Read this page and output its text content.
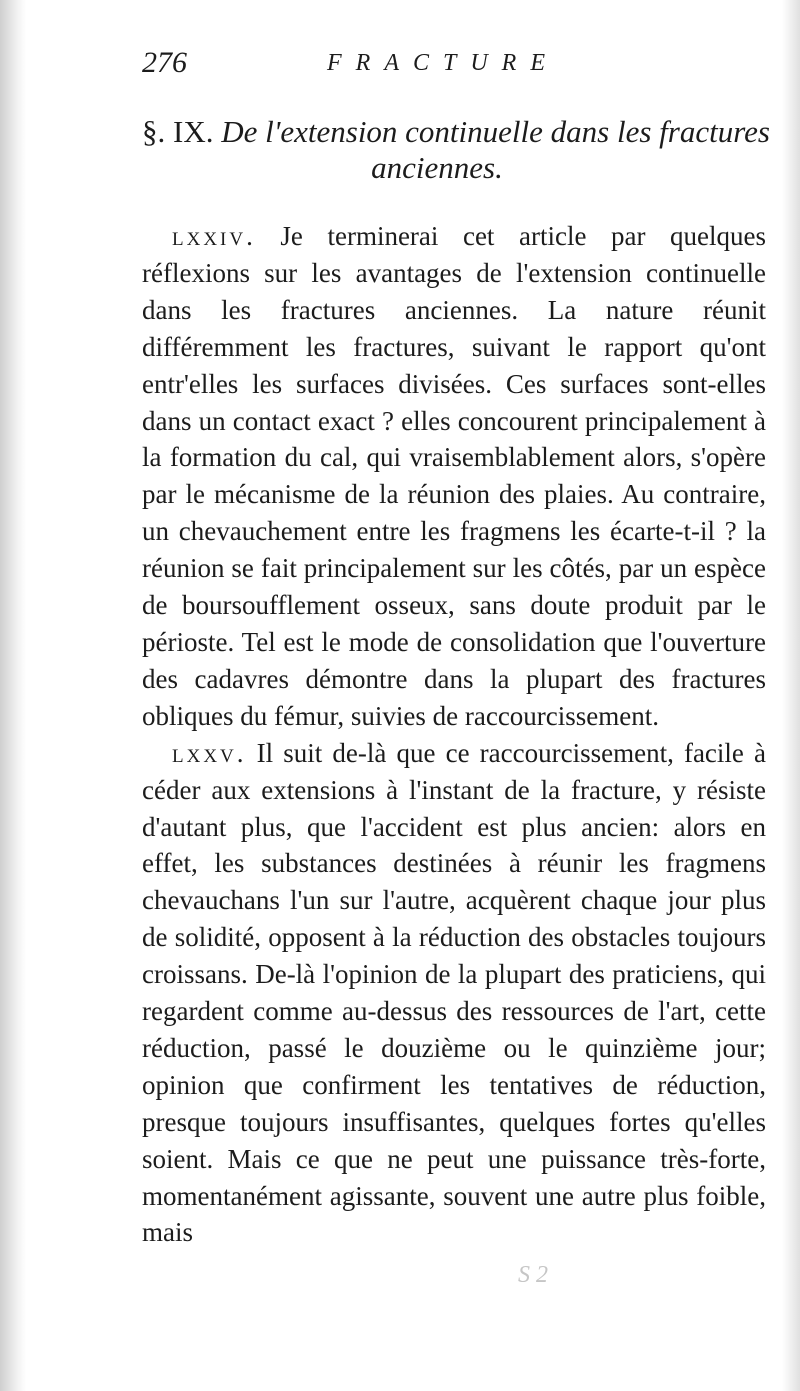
276	FRACTURE
§. IX. De l'extension continuelle dans les fractures
anciennes.

lxxiv. Je terminerai cet article par quelques réflexions sur les avantages de l'extension continuelle dans les fractures anciennes. La nature réunit différemment les fractures, suivant le rapport qu'ont entr'elles les surfaces divisées. Ces surfaces sont-elles dans un contact exact ? elles concourent principalement à la formation du cal, qui vraisemblablement alors, s'opère par le mécanisme de la réunion des plaies. Au contraire, un chevauchement entre les fragmens les écarte-t-il ? la réunion se fait principalement sur les côtés, par un espèce de boursoufflement osseux, sans doute produit par le périoste. Tel est le mode de consolidation que l'ouverture des cadavres démontre dans la plupart des fractures obliques du fémur, suivies de raccourcissement.

lxxv. Il suit de-là que ce raccourcissement, facile à céder aux extensions à l'instant de la fracture, y résiste d'autant plus, que l'accident est plus ancien: alors en effet, les substances destinées à réunir les fragmens chevauchans l'un sur l'autre, acquèrent chaque jour plus de solidité, opposent à la réduction des obstacles toujours croissans. De-là l'opinion de la plupart des praticiens, qui regardent comme au-dessus des ressources de l'art, cette réduction, passé le douzième ou le quinzième jour; opinion que confirment les tentatives de réduction, presque toujours insuffisantes, quelques fortes qu'elles soient. Mais ce que ne peut une puissance très-forte, momentanément agissante, souvent une autre plus foible, mais

S 2
